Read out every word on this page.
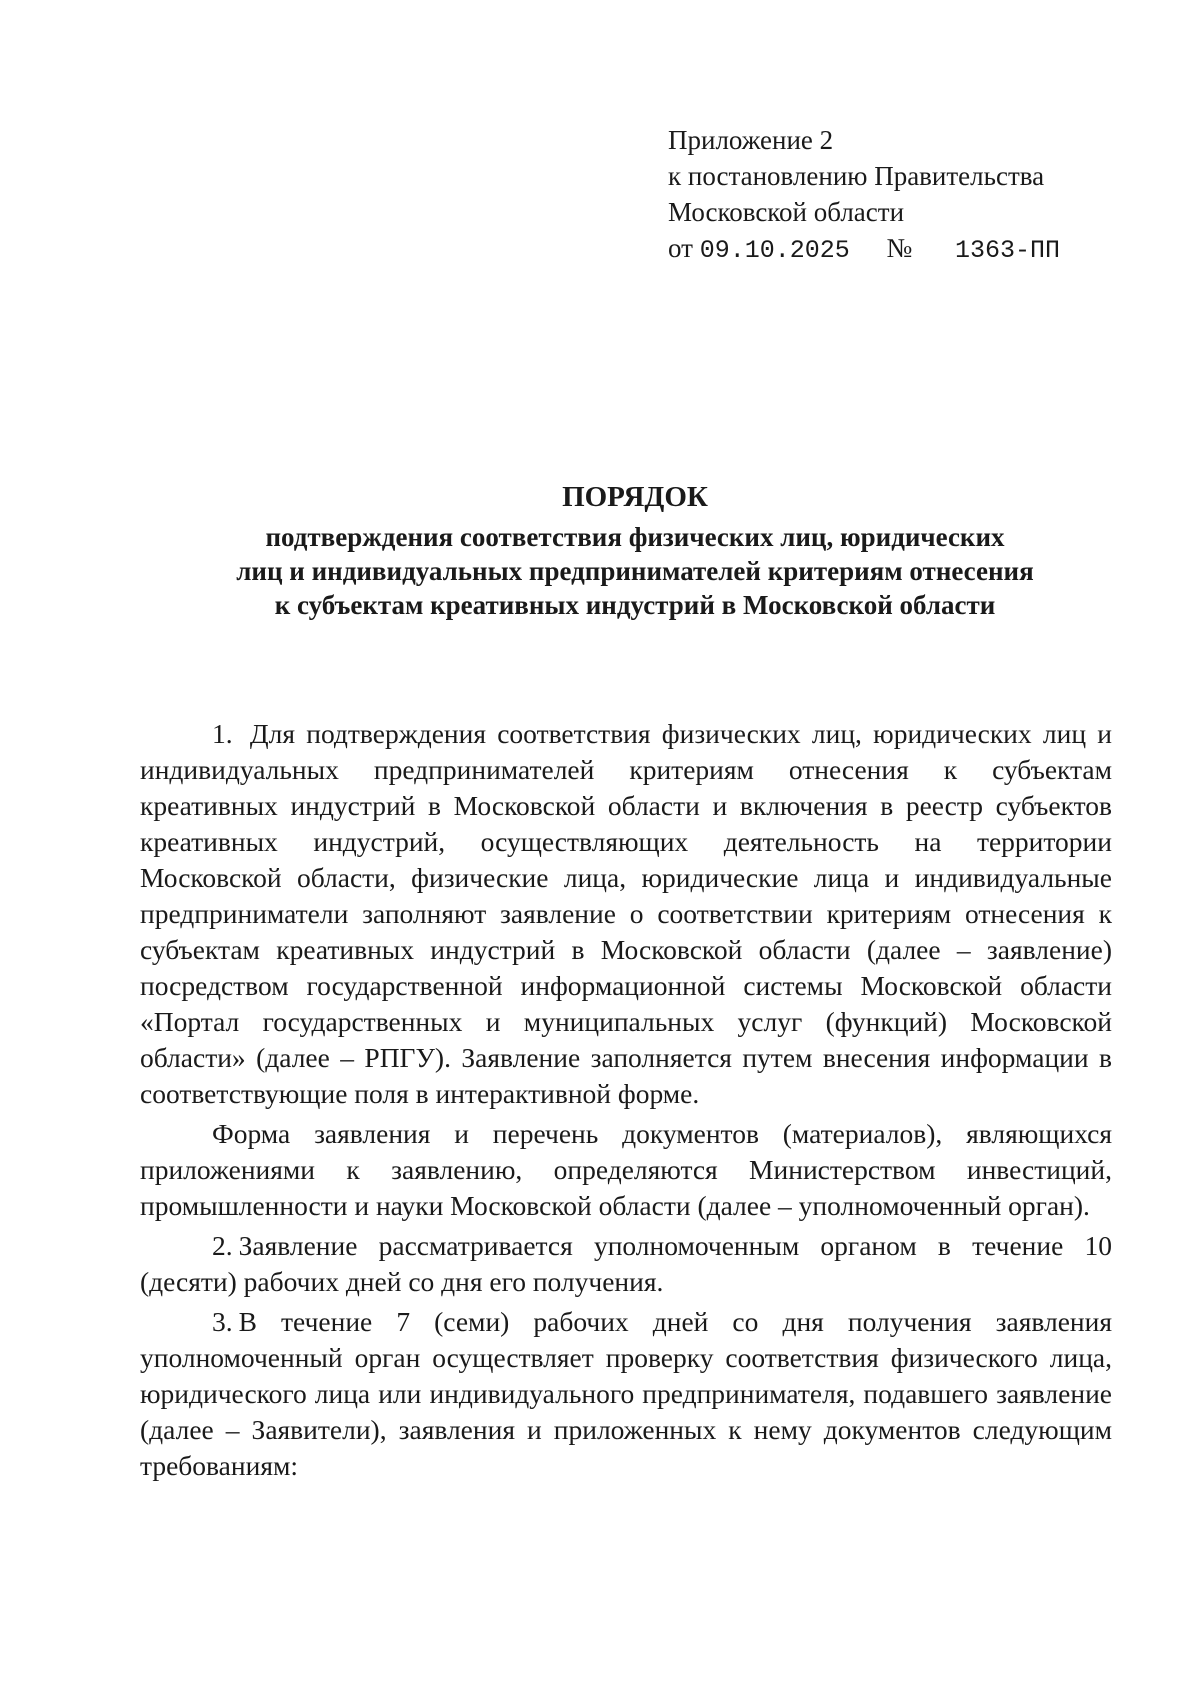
Приложение 2
к постановлению Правительства
Московской области
от 09.10.2025 № 1363-ПП
ПОРЯДОК
подтверждения соответствия физических лиц, юридических
лиц и индивидуальных предпринимателей критериям отнесения
к субъектам креативных индустрий в Московской области

1. Для подтверждения соответствия физических лиц, юридических лиц и индивидуальных предпринимателей критериям отнесения к субъектам креативных индустрий в Московской области и включения в реестр субъектов креативных индустрий, осуществляющих деятельность на территории Московской области, физические лица, юридические лица и индивидуальные предприниматели заполняют заявление о соответствии критериям отнесения к субъектам креативных индустрий в Московской области (далее – заявление) посредством государственной информационной системы Московской области «Портал государственных и муниципальных услуг (функций) Московской области» (далее – РПГУ). Заявление заполняется путем внесения информации в соответствующие поля в интерактивной форме.

Форма заявления и перечень документов (материалов), являющихся приложениями к заявлению, определяются Министерством инвестиций, промышленности и науки Московской области (далее – уполномоченный орган).

2. Заявление рассматривается уполномоченным органом в течение 10 (десяти) рабочих дней со дня его получения.

3. В течение 7 (семи) рабочих дней со дня получения заявления уполномоченный орган осуществляет проверку соответствия физического лица, юридического лица или индивидуального предпринимателя, подавшего заявление (далее – Заявители), заявления и приложенных к нему документов следующим требованиям:
